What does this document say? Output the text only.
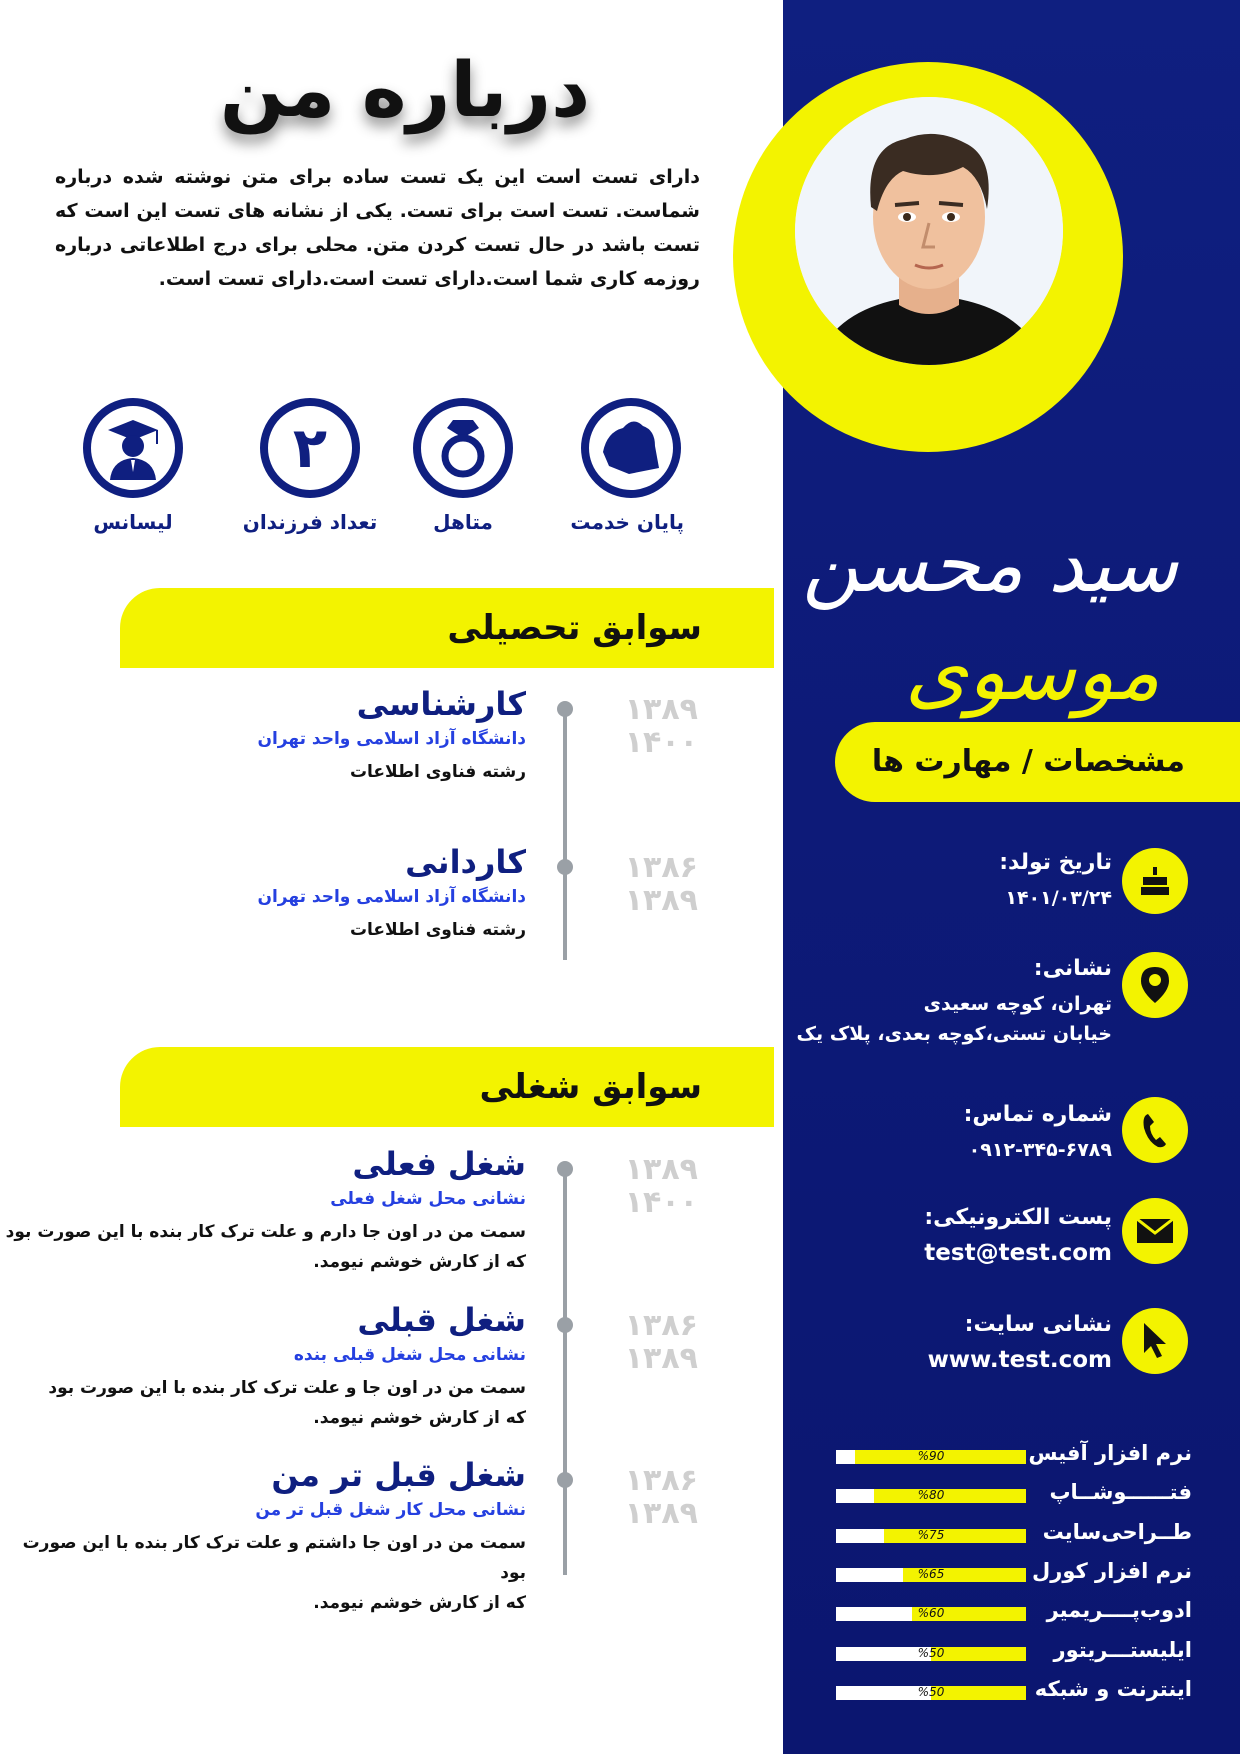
سید محسن
موسوی
مشخصات / مهارت ها
تاریخ تولد:
۱۴۰۱/۰۳/۲۴
نشانی:
تهران، کوچه سعیدی
خیابان تستی،کوچه بعدی، پلاک یک
شماره تماس:
۰۹۱۲-۳۴۵-۶۷۸۹
پست الکترونیکی:
test@test.com
نشانی سایت:
www.test.com
%90	نرم افزار آفیس
%80	فتــــــوشــاپ
%75	طــراحی‌سایت
%65	نرم افزار کورل
%60	ادوب‌پــــریمیر
%50	ایلیستـــریتور
%50	اینترنت و شبکه
درباره من
دارای تست است این یک تست ساده برای متن نوشته شده درباره شماست. تست است برای تست. یکی از نشانه های تست این است که تست باشد در حال تست کردن متن. محلی برای درج اطلاعاتی درباره روزمه کاری شما است.دارای تست است.دارای تست است.
لیسانس
۲
تعداد فرزندان	متاهل	پایان خدمت
سوابق تحصیلی
۱۳۸۹
۱۴۰۰
کارشناسی
دانشگاه آزاد اسلامی واحد تهران
رشته فناوی اطلاعات
۱۳۸۶
۱۳۸۹
کاردانی
دانشگاه آزاد اسلامی واحد تهران
رشته فناوی اطلاعات
سوابق شغلی
۱۳۸۹
۱۴۰۰
شغل فعلی
نشانی محل شغل فعلی
سمت من در اون جا دارم و علت ترک کار بنده با این صورت بود
که از کارش خوشم نیومد.
۱۳۸۶
۱۳۸۹
شغل قبلی
نشانی محل شغل قبلی بنده
سمت من در اون جا و علت ترک کار بنده با این صورت بود
که از کارش خوشم نیومد.
۱۳۸۶
۱۳۸۹
شغل قبل تر من
نشانی محل کار شغل قبل تر من
سمت من در اون جا داشتم و علت ترک کار بنده با این صورت بود
که از کارش خوشم نیومد.
